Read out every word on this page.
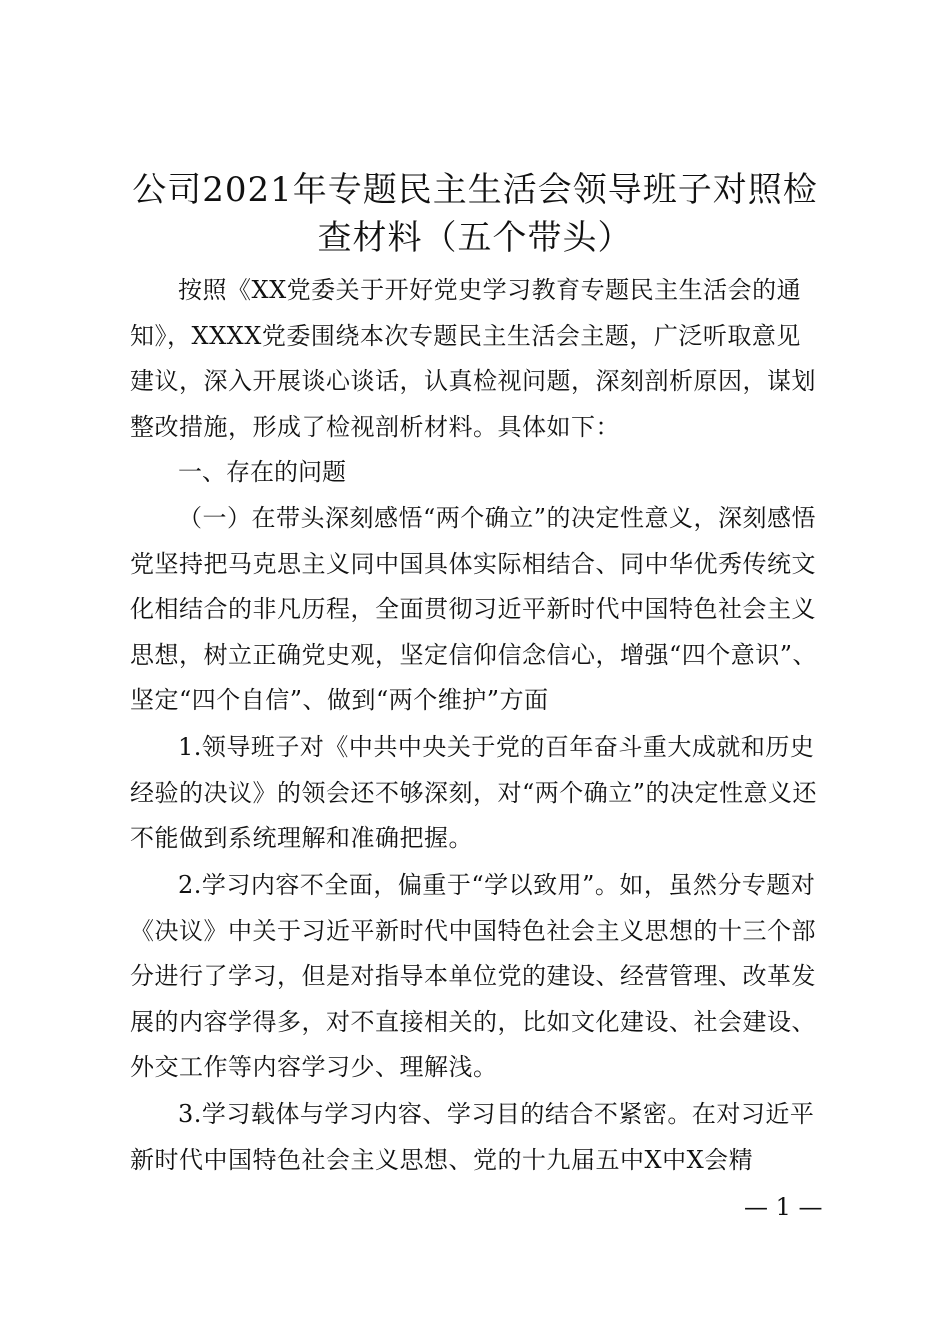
公司2021年专题民主生活会领导班子对照检查材料（五个带头）

按照《XX党委关于开好党史学习教育专题民主生活会的通知》，XXXX党委围绕本次专题民主生活会主题，广泛听取意见建议，深入开展谈心谈话，认真检视问题，深刻剖析原因，谋划整改措施，形成了检视剖析材料。具体如下：

一、存在的问题

（一）在带头深刻感悟“两个确立”的决定性意义，深刻感悟党坚持把马克思主义同中国具体实际相结合、同中华优秀传统文化相结合的非凡历程，全面贯彻习近平新时代中国特色社会主义思想，树立正确党史观，坚定信仰信念信心，增强“四个意识”、坚定“四个自信”、做到“两个维护”方面

1.领导班子对《中共中央关于党的百年奋斗重大成就和历史经验的决议》的领会还不够深刻，对“两个确立”的决定性意义还不能做到系统理解和准确把握。

2.学习内容不全面，偏重于“学以致用”。如，虽然分专题对《决议》中关于习近平新时代中国特色社会主义思想的十三个部分进行了学习，但是对指导本单位党的建设、经营管理、改革发展的内容学得多，对不直接相关的，比如文化建设、社会建设、外交工作等内容学习少、理解浅。

3.学习载体与学习内容、学习目的结合不紧密。在对习近平新时代中国特色社会主义思想、党的十九届五中X中X会精

— 1 —
